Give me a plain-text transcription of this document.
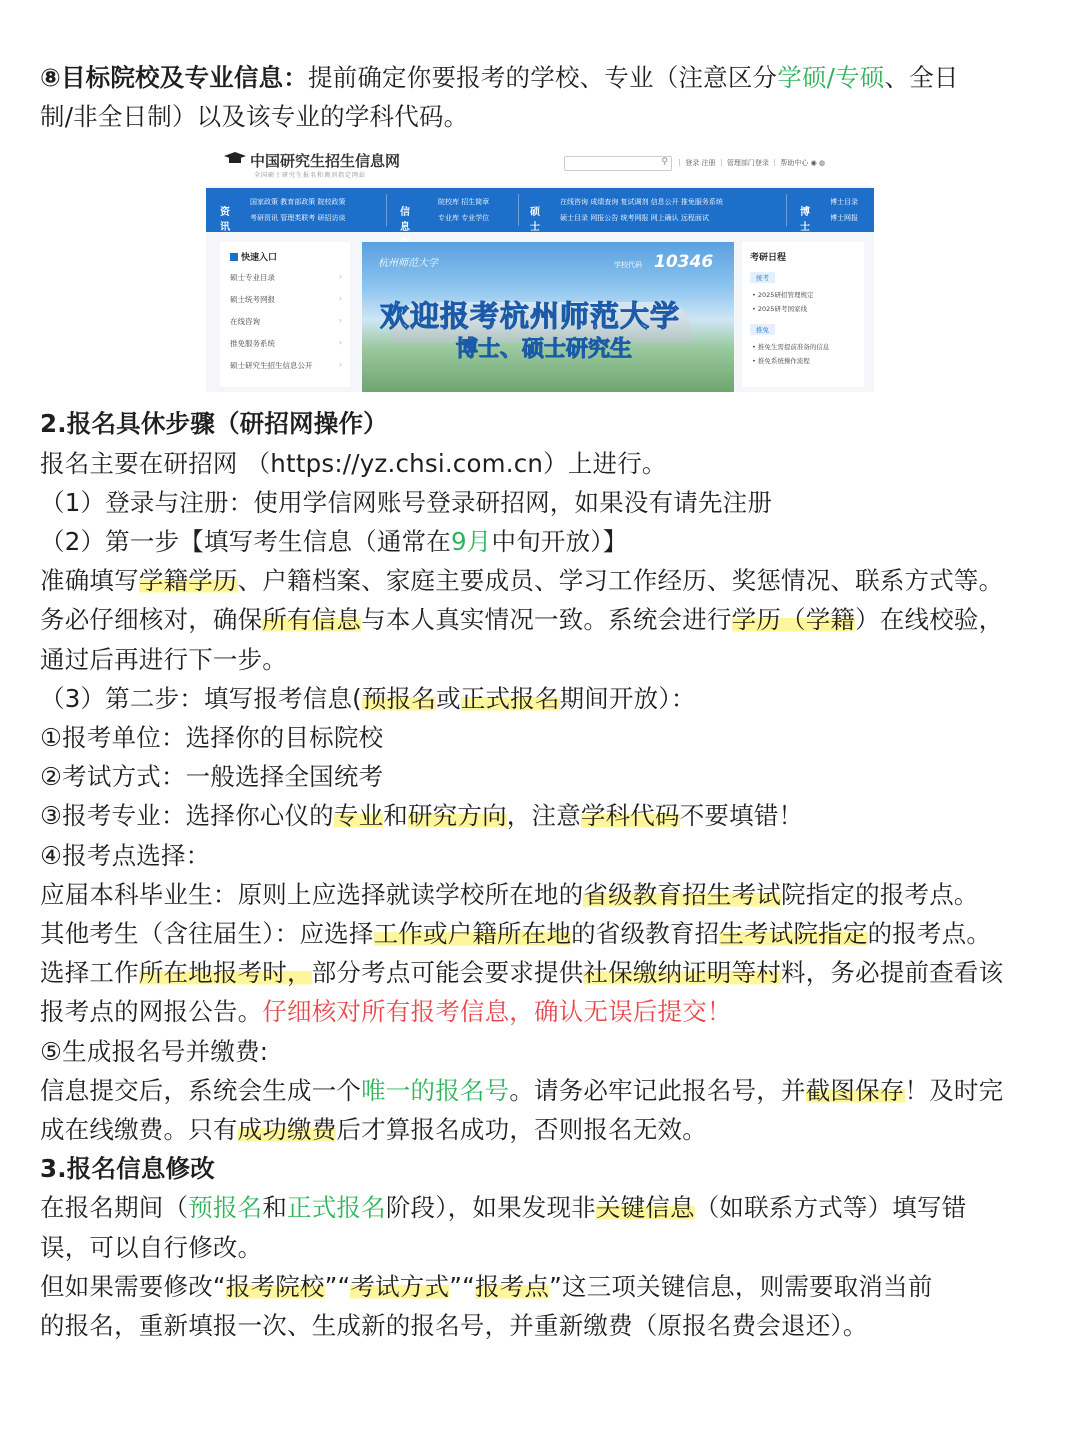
⑧目标院校及专业信息：提前确定你要报考的学校、专业（注意区分学硕/专硕、全日

制/非全日制）以及该专业的学科代码。

中国研究生招生信息网
全国硕士研究生报名和调剂指定网站
⚲ ｜ 登录 注册 ｜ 管理部门登录 ｜ 帮助中心 ◉ ◍
资讯
国家政策 教育部政策 院校政策
考研资讯 管理类联考 研招访谈	信息
院校库 招生简章
专业库 专业学位	硕士
在线咨询 成绩查询 复试调剂 信息公开 推免服务系统
硕士目录 网报公告 统考网报 网上确认 远程面试	博士
博士目录
博士网报
快速入口
硕士专业目录	›
硕士统考网报	›
在线咨询	›
推免服务系统	›
硕士研究生招生信息公开	›
杭州师范大学	学校代码 10346
欢迎报考杭州师范大学
博士、硕士研究生
考研日程
统考
• 2025研招管理规定
• 2025研考国家线
推免
• 推免生需提前准备的信息
• 推免系统操作流程

2.报名具休步骤（研招网操作）

报名主要在研招网 （https://yz.chsi.com.cn）上进行。

（1）登录与注册：使用学信网账号登录研招网，如果没有请先注册

（2）第一步【填写考生信息（通常在9月中旬开放）】

准确填写学籍学历、户籍档案、家庭主要成员、学习工作经历、奖惩情况、联系方式等。

务必仔细核对，确保所有信息与本人真实情况一致。系统会进行学历（学籍）在线校验，

通过后再进行下一步。

（3）第二步：填写报考信息(预报名或正式报名期间开放）：

①报考单位：选择你的目标院校

②考试方式：一般选择全国统考

③报考专业：选择你心仪的专业和研究方向，注意学科代码不要填错！

④报考点选择：

应届本科毕业生：原则上应选择就读学校所在地的省级教育招生考试院指定的报考点。

其他考生（含往届生）：应选择工作或户籍所在地的省级教育招生考试院指定的报考点。

选择工作所在地报考时，部分考点可能会要求提供社保缴纳证明等村料，务必提前查看该

报考点的网报公告。仔细核对所有报考信息，确认无误后提交！

⑤生成报名号并缴费:

信息提交后，系统会生成一个唯一的报名号。请务必牢记此报名号，并截图保存！及时完

成在线缴费。只有成功缴费后才算报名成功，否则报名无效。

3.报名信息修改

在报名期间（预报名和正式报名阶段），如果发现非关键信息（如联系方式等）填写错

误，可以自行修改。

但如果需要修改“报考院校”“考试方式”“报考点”这三项关键信息，则需要取消当前

的报名，重新填报一次、生成新的报名号，并重新缴费（原报名费会退还）。
